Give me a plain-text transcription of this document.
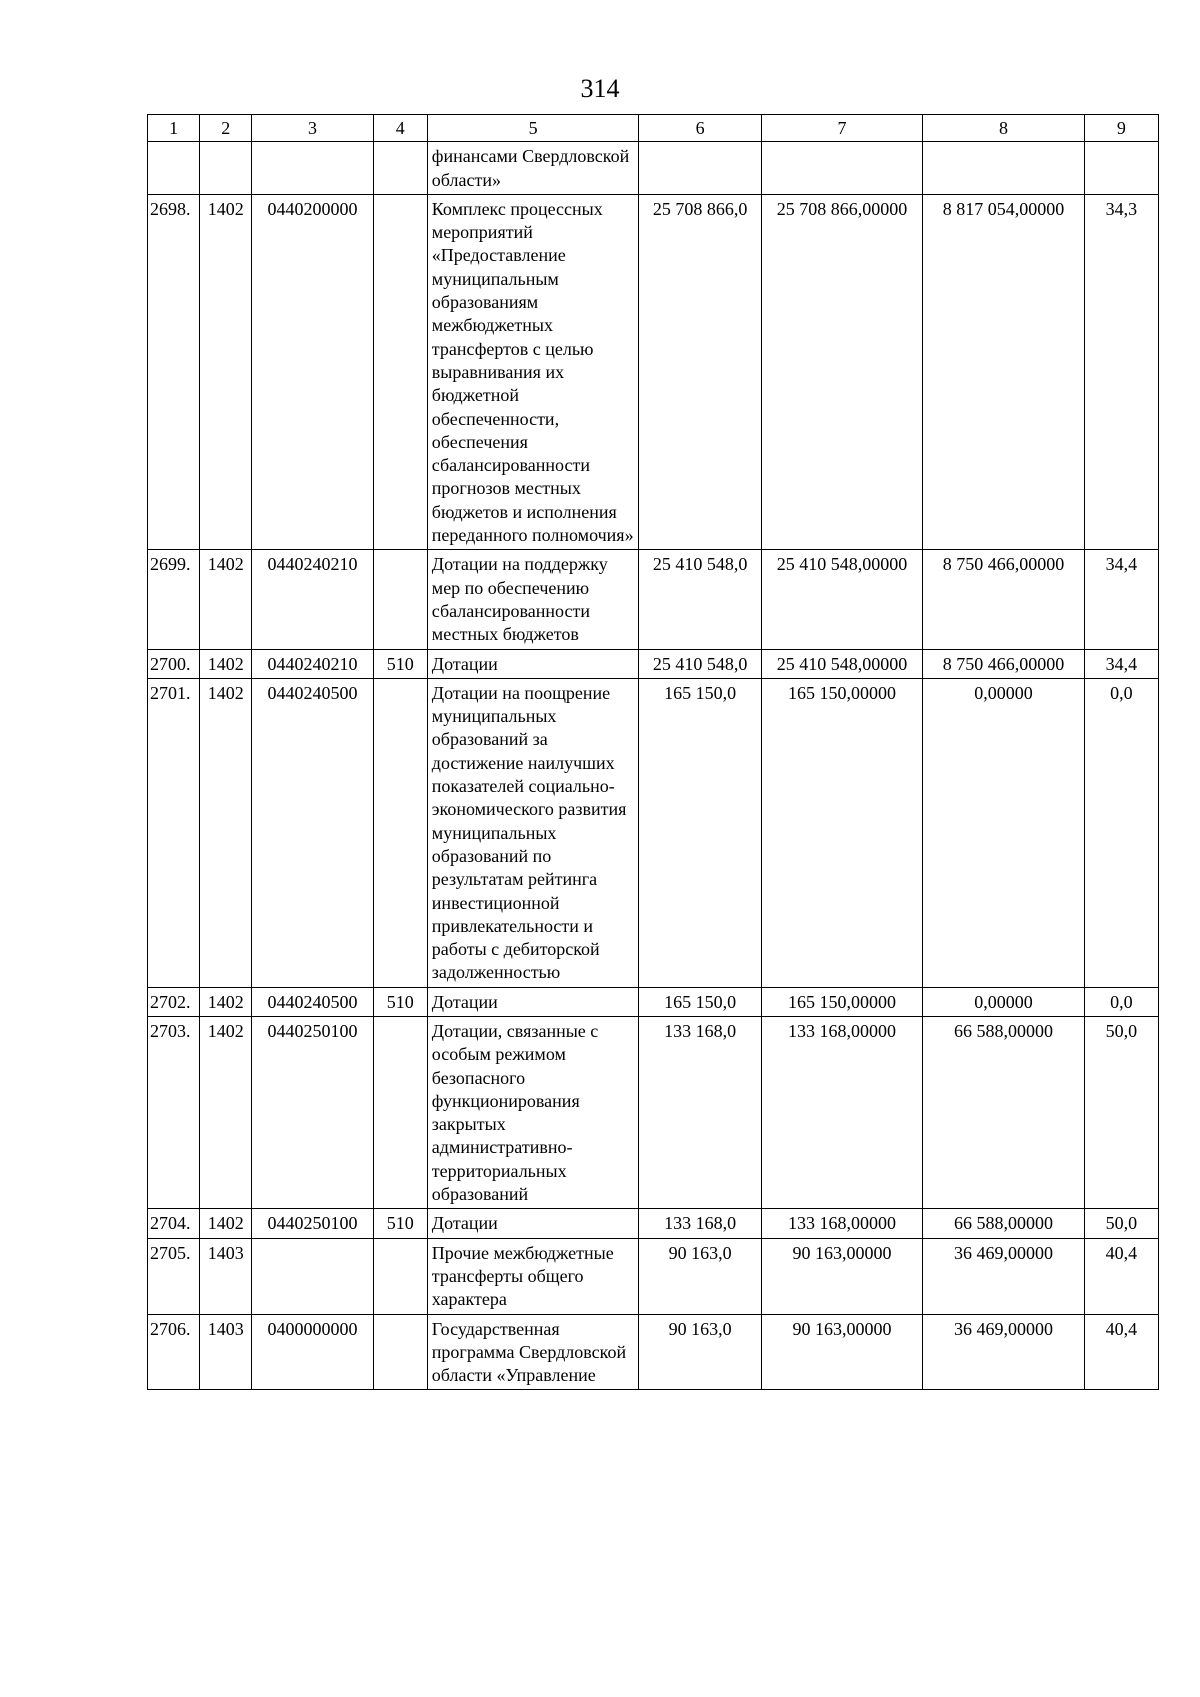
314
1	2	3	4	5	6	7	8	9
				финансами Свердловской области»				
2698.	1402	0440200000		Комплекс процессных мероприятий «Предоставление муниципальным образованиям межбюджетных трансфертов с целью выравнивания их бюджетной обеспеченности, обеспечения сбалансированности прогнозов местных бюджетов и исполнения переданного полномочия»	25 708 866,0	25 708 866,00000	8 817 054,00000	34,3
2699.	1402	0440240210		Дотации на поддержку мер по обеспечению сбалансированности местных бюджетов	25 410 548,0	25 410 548,00000	8 750 466,00000	34,4
2700.	1402	0440240210	510	Дотации	25 410 548,0	25 410 548,00000	8 750 466,00000	34,4
2701.	1402	0440240500		Дотации на поощрение муниципальных образований за достижение наилучших показателей социально-экономического развития муниципальных образований по результатам рейтинга инвестиционной привлекательности и работы с дебиторской задолженностью	165 150,0	165 150,00000	0,00000	0,0
2702.	1402	0440240500	510	Дотации	165 150,0	165 150,00000	0,00000	0,0
2703.	1402	0440250100		Дотации, связанные с особым режимом безопасного функционирования закрытых административно-территориальных образований	133 168,0	133 168,00000	66 588,00000	50,0
2704.	1402	0440250100	510	Дотации	133 168,0	133 168,00000	66 588,00000	50,0
2705.	1403			Прочие межбюджетные трансферты общего характера	90 163,0	90 163,00000	36 469,00000	40,4
2706.	1403	0400000000		Государственная программа Свердловской области «Управление	90 163,0	90 163,00000	36 469,00000	40,4
